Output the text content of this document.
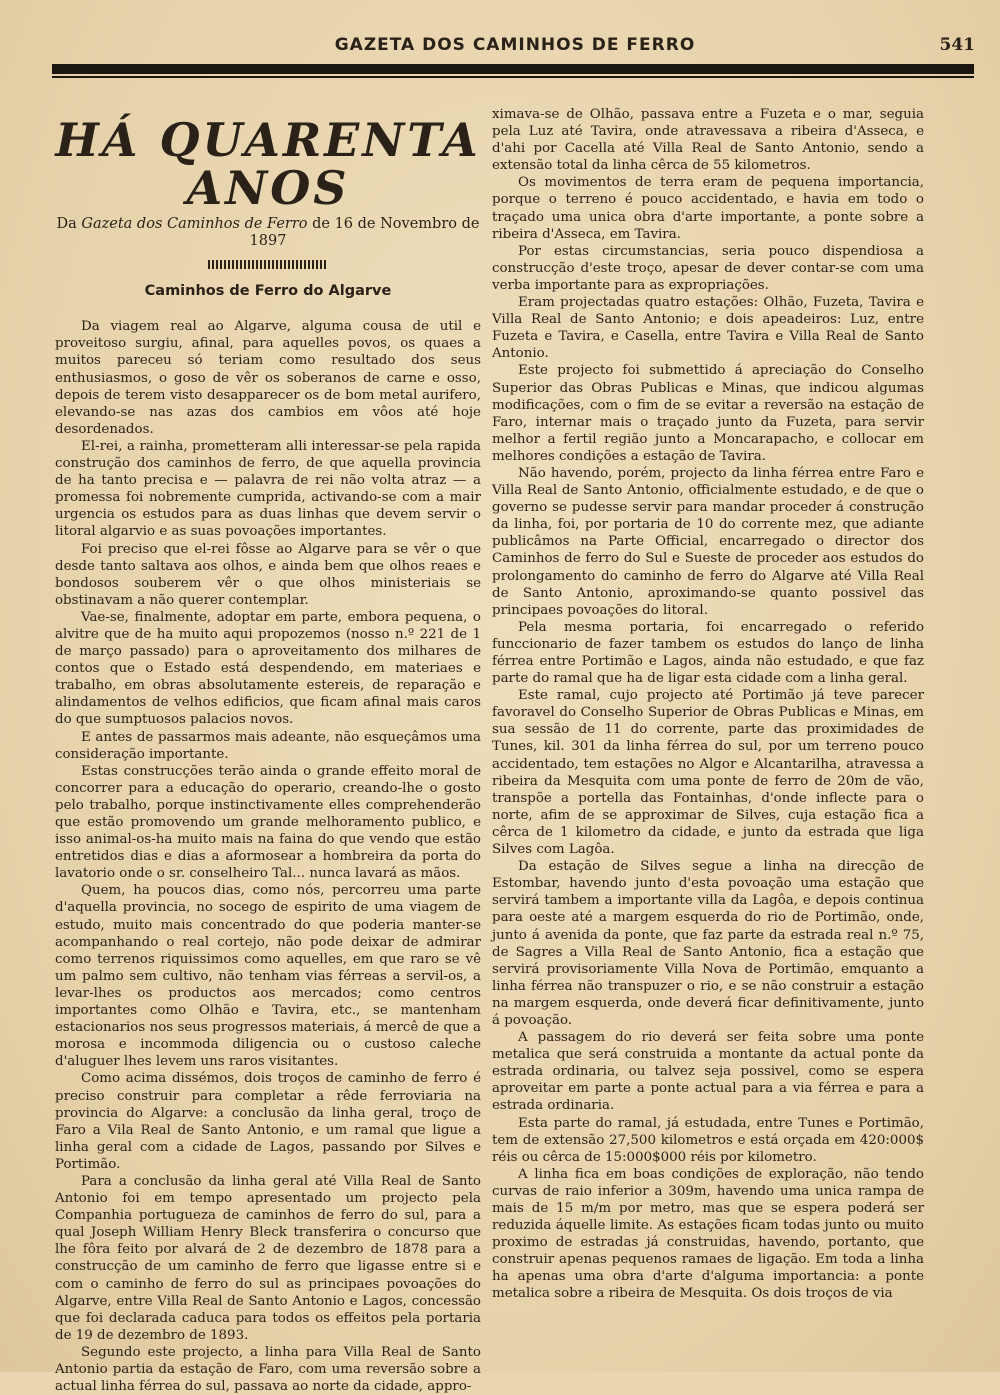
GAZETA DOS CAMINHOS DE FERRO	541
HÁ QUARENTA ANOS
Da Gazeta dos Caminhos de Ferro de 16 de Novembro de 1897
Caminhos de Ferro do Algarve

Da viagem real ao Algarve, alguma cousa de util e proveitoso surgiu, afinal, para aquelles povos, os quaes a muitos pareceu só teriam como resultado dos seus enthusiasmos, o goso de vêr os soberanos de carne e osso, depois de terem visto desapparecer os de bom metal aurifero, elevando-se nas azas dos cambios em vôos até hoje desordenados.

El-rei, a rainha, prometteram alli interessar-se pela rapida construção dos caminhos de ferro, de que aquella provincia de ha tanto precisa e — palavra de rei não volta atraz — a promessa foi nobremente cumprida, activando-se com a mair urgencia os estudos para as duas linhas que devem servir o litoral algarvio e as suas povoações importantes.

Foi preciso que el-rei fôsse ao Algarve para se vêr o que desde tanto saltava aos olhos, e ainda bem que olhos reaes e bondosos souberem vêr o que olhos ministeriais se obstinavam a não querer contemplar.

Vae-se, finalmente, adoptar em parte, embora pequena, o alvitre que de ha muito aqui propozemos (nosso n.º 221 de 1 de março passado) para o aproveitamento dos milhares de contos que o Estado está despendendo, em materiaes e trabalho, em obras absolutamente estereis, de reparação e alindamentos de velhos edificios, que ficam afinal mais caros do que sumptuosos palacios novos.

E antes de passarmos mais adeante, não esqueçâmos uma consideração importante.

Estas construcções terão ainda o grande effeito moral de concorrer para a educação do operario, creando-lhe o gosto pelo trabalho, porque instinctivamente elles comprehenderão que estão promovendo um grande melhoramento publico, e isso animal-os-ha muito mais na faina do que vendo que estão entretidos dias e dias a aformosear a hombreira da porta do lavatorio onde o sr. conselheiro Tal... nunca lavará as mãos.

Quem, ha poucos dias, como nós, percorreu uma parte d'aquella provincia, no socego de espirito de uma viagem de estudo, muito mais concentrado do que poderia manter-se acompanhando o real cortejo, não pode deixar de admirar como terrenos riquissimos como aquelles, em que raro se vê um palmo sem cultivo, não tenham vias férreas a servil-os, a levar-lhes os productos aos mercados; como centros importantes como Olhão e Tavira, etc., se mantenham estacionarios nos seus progressos materiais, á mercê de que a morosa e incommoda diligencia ou o custoso caleche d'aluguer lhes levem uns raros visitantes.

Como acima dissémos, dois troços de caminho de ferro é preciso construir para completar a rêde ferroviaria na provincia do Algarve: a conclusão da linha geral, troço de Faro a Vila Real de Santo Antonio, e um ramal que ligue a linha geral com a cidade de Lagos, passando por Silves e Portimão.

Para a conclusão da linha geral até Villa Real de Santo Antonio foi em tempo apresentado um projecto pela Companhia portugueza de caminhos de ferro do sul, para a qual Joseph William Henry Bleck transferira o concurso que lhe fôra feito por alvará de 2 de dezembro de 1878 para a construcção de um caminho de ferro que ligasse entre si e com o caminho de ferro do sul as principaes povoações do Algarve, entre Villa Real de Santo Antonio e Lagos, concessão que foi declarada caduca para todos os effeitos pela portaria de 19 de dezembro de 1893.

Segundo este projecto, a linha para Villa Real de Santo Antonio partia da estação de Faro, com uma reversão sobre a actual linha férrea do sul, passava ao norte da cidade, appro-

ximava-se de Olhão, passava entre a Fuzeta e o mar, seguia pela Luz até Tavira, onde atravessava a ribeira d'Asseca, e d'ahi por Cacella até Villa Real de Santo Antonio, sendo a extensão total da linha cêrca de 55 kilometros.

Os movimentos de terra eram de pequena importancia, porque o terreno é pouco accidentado, e havia em todo o traçado uma unica obra d'arte importante, a ponte sobre a ribeira d'Asseca, em Tavira.

Por estas circumstancias, seria pouco dispendiosa a construcção d'este troço, apesar de dever contar-se com uma verba importante para as expropriações.

Eram projectadas quatro estações: Olhão, Fuzeta, Tavira e Villa Real de Santo Antonio; e dois apeadeiros: Luz, entre Fuzeta e Tavira, e Casella, entre Tavira e Villa Real de Santo Antonio.

Este projecto foi submettido á apreciação do Conselho Superior das Obras Publicas e Minas, que indicou algumas modificações, com o fim de se evitar a reversão na estação de Faro, internar mais o traçado junto da Fuzeta, para servir melhor a fertil região junto a Moncarapacho, e collocar em melhores condições a estação de Tavira.

Não havendo, porém, projecto da linha férrea entre Faro e Villa Real de Santo Antonio, officialmente estudado, e de que o governo se pudesse servir para mandar proceder á construção da linha, foi, por portaria de 10 do corrente mez, que adiante publicâmos na Parte Official, encarregado o director dos Caminhos de ferro do Sul e Sueste de proceder aos estudos do prolongamento do caminho de ferro do Algarve até Villa Real de Santo Antonio, aproximando-se quanto possivel das principaes povoações do litoral.

Pela mesma portaria, foi encarregado o referido funccionario de fazer tambem os estudos do lanço de linha férrea entre Portimão e Lagos, ainda não estudado, e que faz parte do ramal que ha de ligar esta cidade com a linha geral.

Este ramal, cujo projecto até Portimão já teve parecer favoravel do Conselho Superior de Obras Publicas e Minas, em sua sessão de 11 do corrente, parte das proximidades de Tunes, kil. 301 da linha férrea do sul, por um terreno pouco accidentado, tem estações no Algor e Alcantarilha, atravessa a ribeira da Mesquita com uma ponte de ferro de 20m de vão, transpõe a portella das Fontainhas, d'onde inflecte para o norte, afim de se approximar de Silves, cuja estação fica a cêrca de 1 kilometro da cidade, e junto da estrada que liga Silves com Lagôa.

Da estação de Silves segue a linha na direcção de Estombar, havendo junto d'esta povoação uma estação que servirá tambem a importante villa da Lagôa, e depois continua para oeste até a margem esquerda do rio de Portimão, onde, junto á avenida da ponte, que faz parte da estrada real n.º 75, de Sagres a Villa Real de Santo Antonio, fica a estação que servirá provisoriamente Villa Nova de Portimão, emquanto a linha férrea não transpuzer o rio, e se não construir a estação na margem esquerda, onde deverá ficar definitivamente, junto á povoação.

A passagem do rio deverá ser feita sobre uma ponte metalica que será construida a montante da actual ponte da estrada ordinaria, ou talvez seja possivel, como se espera aproveitar em parte a ponte actual para a via férrea e para a estrada ordinaria.

Esta parte do ramal, já estudada, entre Tunes e Portimão, tem de extensão 27,500 kilometros e está orçada em 420:000$ réis ou cêrca de 15:000$000 réis por kilometro.

A linha fica em boas condições de exploração, não tendo curvas de raio inferior a 309m, havendo uma unica rampa de mais de 15 m/m por metro, mas que se espera poderá ser reduzida áquelle limite. As estações ficam todas junto ou muito proximo de estradas já construidas, havendo, portanto, que construir apenas pequenos ramaes de ligação. Em toda a linha ha apenas uma obra d'arte d'alguma importancia: a ponte metalica sobre a ribeira de Mesquita. Os dois troços de via
